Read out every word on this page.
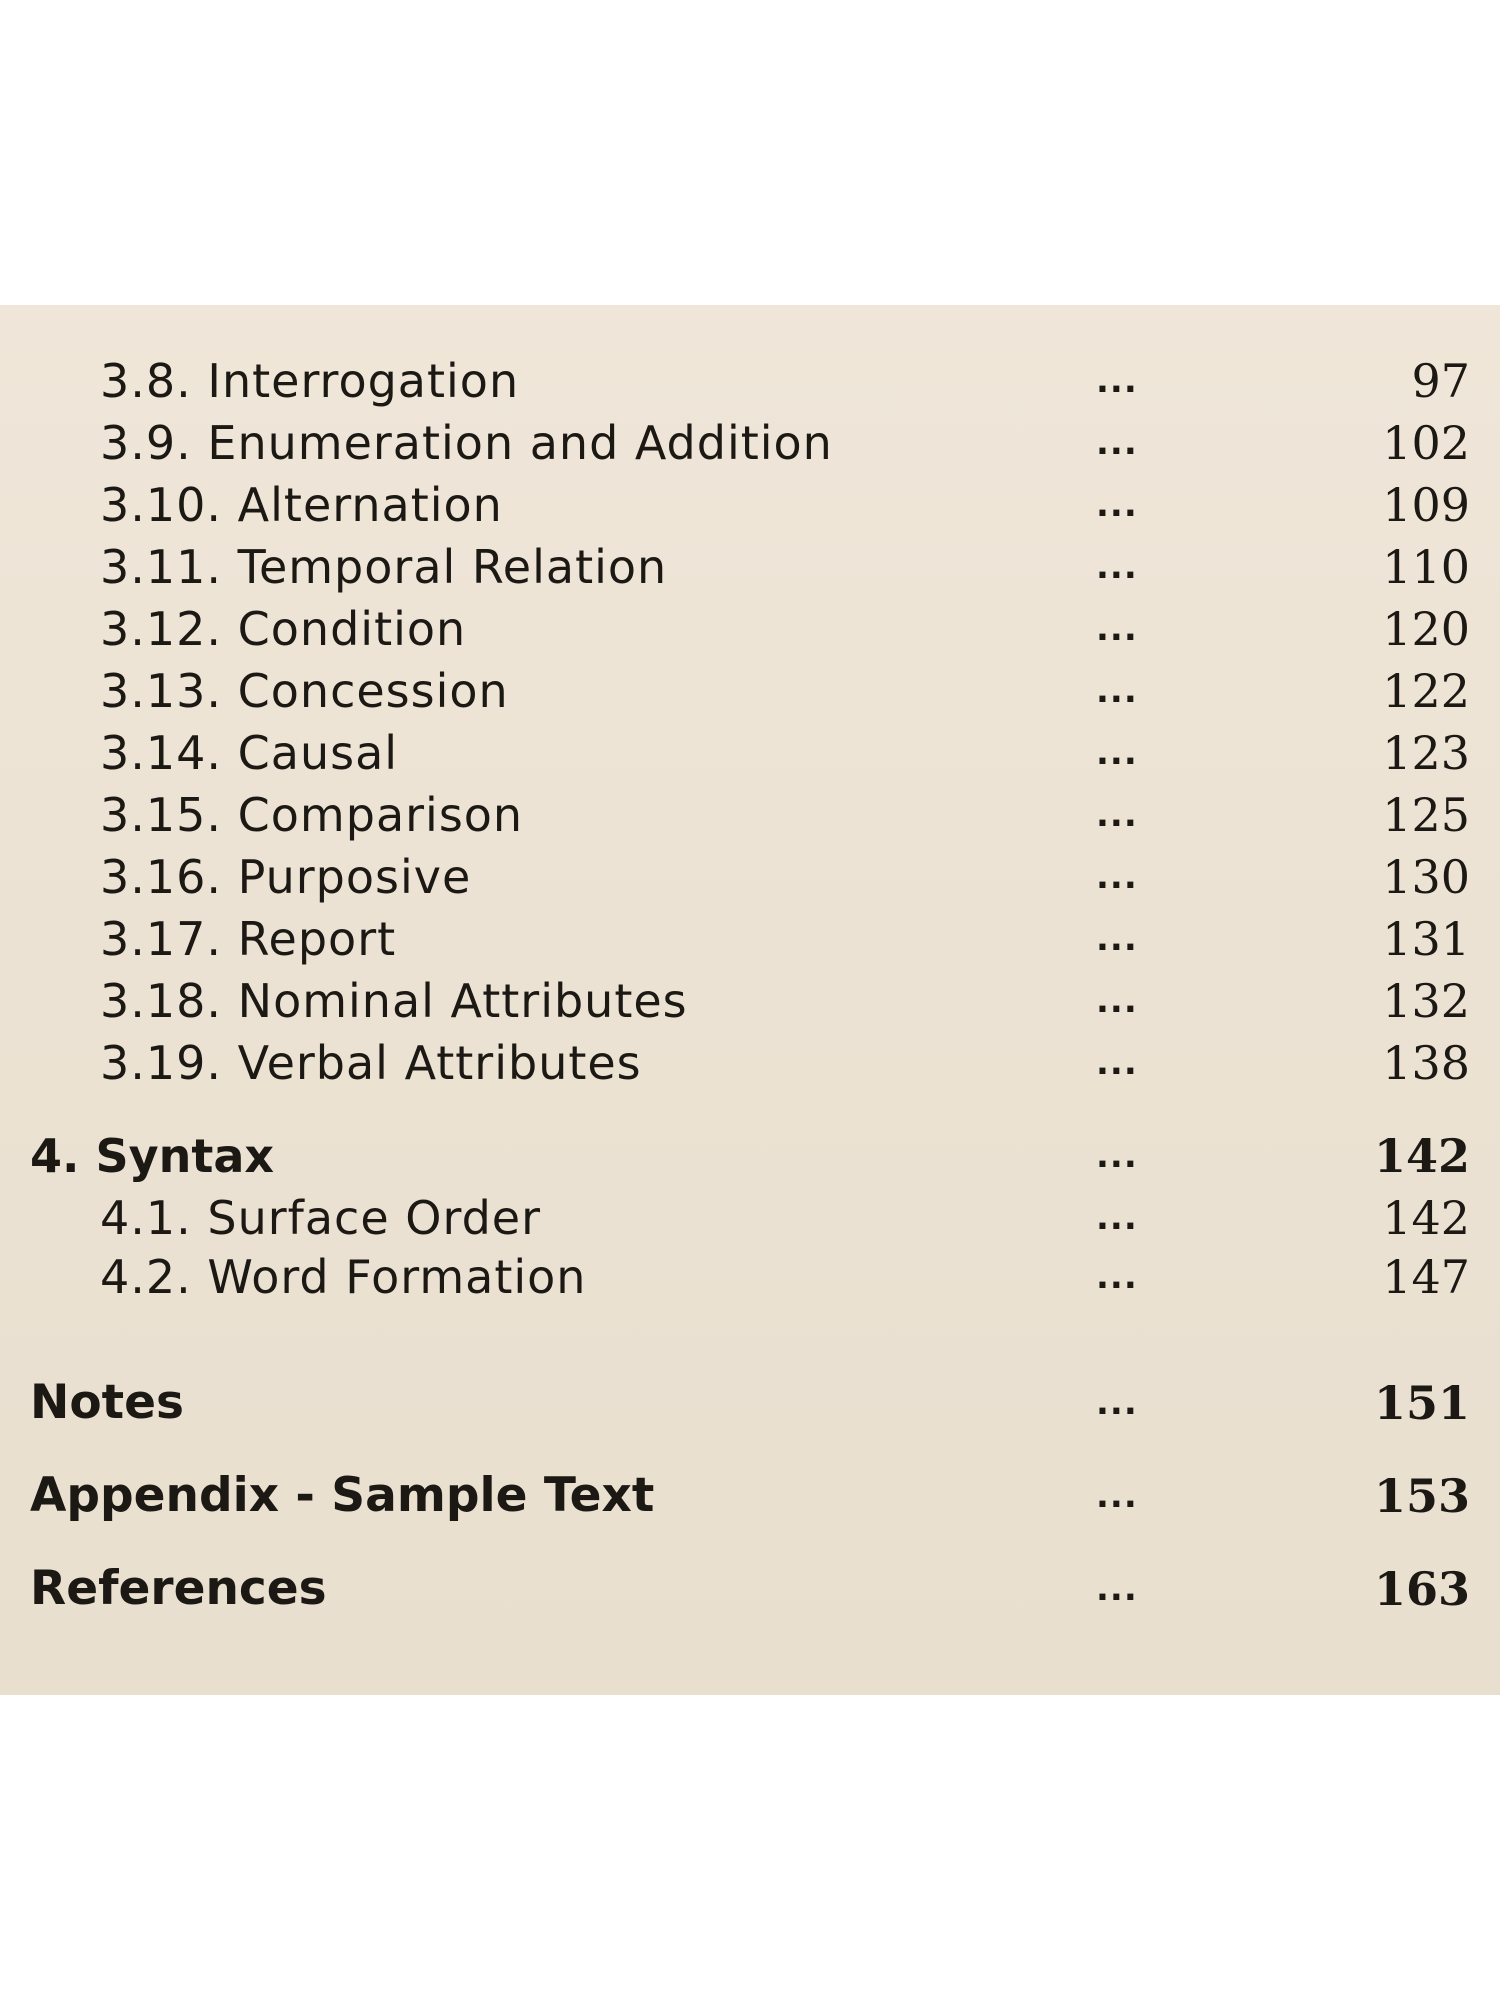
3.8. Interrogation	...	97
3.9. Enumeration and Addition	...	102
3.10. Alternation	...	109
3.11. Temporal Relation	...	110
3.12. Condition	...	120
3.13. Concession	...	122
3.14. Causal	...	123
3.15. Comparison	...	125
3.16. Purposive	...	130
3.17. Report	...	131
3.18. Nominal Attributes	...	132
3.19. Verbal Attributes	...	138
4. Syntax	...	142
4.1. Surface Order	...	142
4.2. Word Formation	...	147
Notes	...	151
Appendix - Sample Text	...	153
References	...	163
